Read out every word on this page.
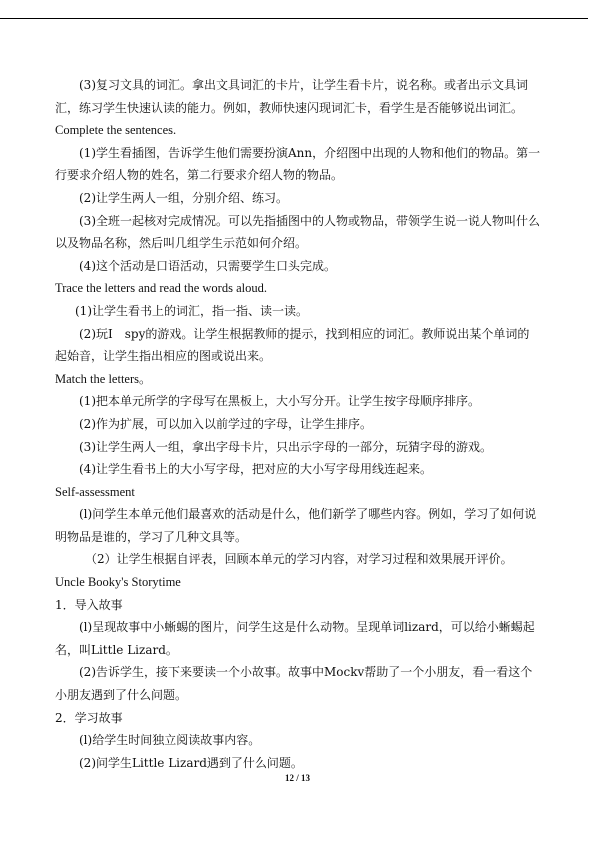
(3)复习文具的词汇。拿出文具词汇的卡片，让学生看卡片，说名称。或者出示文具词汇，练习学生快速认读的能力。例如，教师快速闪现词汇卡，看学生是否能够说出词汇。

Complete the sentences.

(1)学生看插图，告诉学生他们需要扮演Ann，介绍图中出现的人物和他们的物品。第一行要求介绍人物的姓名，第二行要求介绍人物的物品。

(2)让学生两人一组，分别介绍、练习。

(3)全班一起核对完成情况。可以先指插图中的人物或物品，带领学生说一说人物叫什么以及物品名称，然后叫几组学生示范如何介绍。

(4)这个活动是口语活动，只需要学生口头完成。

Trace the letters and read the words aloud.

(1)让学生看书上的词汇，指一指、读一读。

(2)玩I　spy的游戏。让学生根据教师的提示，找到相应的词汇。教师说出某个单词的起始音，让学生指出相应的图或说出来。

Match the letters。

(1)把本单元所学的字母写在黑板上，大小写分开。让学生按字母顺序排序。

(2)作为扩展，可以加入以前学过的字母，让学生排序。

(3)让学生两人一组，拿出字母卡片，只出示字母的一部分，玩猜字母的游戏。

(4)让学生看书上的大小写字母，把对应的大小写字母用线连起来。

Self-assessment

(l)问学生本单元他们最喜欢的活动是什么，他们新学了哪些内容。例如，学习了如何说明物品是谁的，学习了几种文具等。

（2）让学生根据自评表，回顾本单元的学习内容，对学习过程和效果展开评价。

Uncle Booky's Storytime

1．导入故事

(l)呈现故事中小蜥蜴的图片，问学生这是什么动物。呈现单词lizard，可以给小蜥蜴起名，叫Little Lizard。

(2)告诉学生，接下来要读一个小故事。故事中Mockv帮助了一个小朋友，看一看这个小朋友遇到了什么问题。

2．学习故事

(l)给学生时间独立阅读故事内容。

(2)问学生Little Lizard遇到了什么问题。

12 / 13
